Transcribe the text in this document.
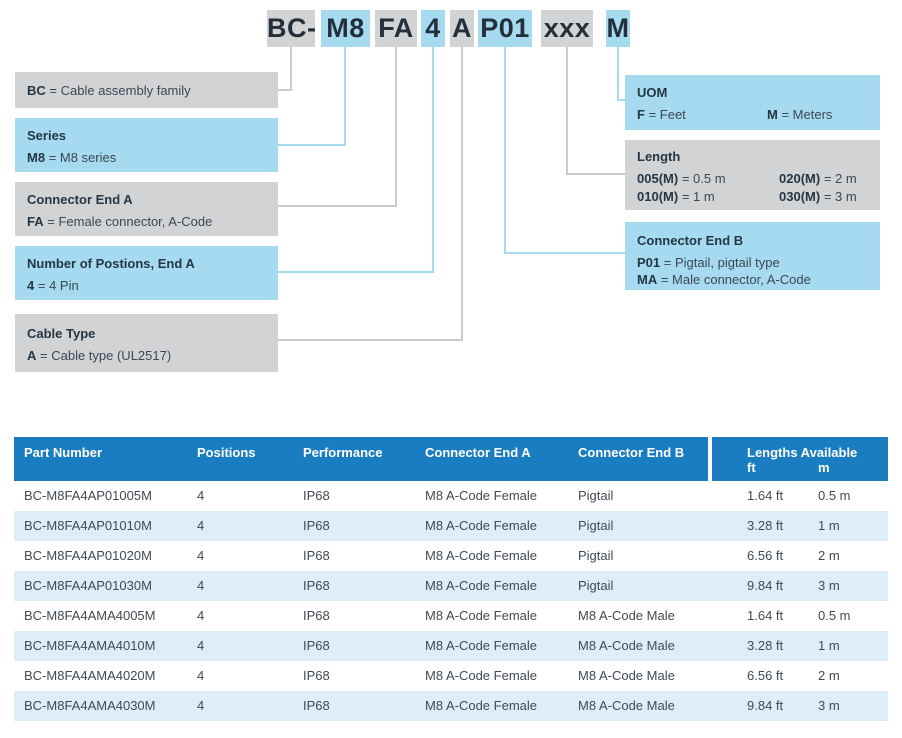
BC- M8 FA 4 A P01 xxx M
BC = Cable assembly family
Series
M8 = M8 series
Connector End A
FA = Female connector, A-Code
Number of Postions, End A
4 = 4 Pin
Cable Type
A = Cable type (UL2517)
UOM
F = Feet	M = Meters
Length
005(M) = 0.5 m	020(M) = 2 m
010(M) = 1 m	030(M) = 3 m
Connector End B
P01 = Pigtail, pigtail type
MA = Male connector, A-Code
Part Number	Positions	Performance	Connector End A	Connector End B	Lengths Available
ft	m
BC-M8FA4AP01005M	4	IP68	M8 A-Code Female	Pigtail	1.64 ft	0.5 m
BC-M8FA4AP01010M	4	IP68	M8 A-Code Female	Pigtail	3.28 ft	1 m
BC-M8FA4AP01020M	4	IP68	M8 A-Code Female	Pigtail	6.56 ft	2 m
BC-M8FA4AP01030M	4	IP68	M8 A-Code Female	Pigtail	9.84 ft	3 m
BC-M8FA4AMA4005M	4	IP68	M8 A-Code Female	M8 A-Code Male	1.64 ft	0.5 m
BC-M8FA4AMA4010M	4	IP68	M8 A-Code Female	M8 A-Code Male	3.28 ft	1 m
BC-M8FA4AMA4020M	4	IP68	M8 A-Code Female	M8 A-Code Male	6.56 ft	2 m
BC-M8FA4AMA4030M	4	IP68	M8 A-Code Female	M8 A-Code Male	9.84 ft	3 m
